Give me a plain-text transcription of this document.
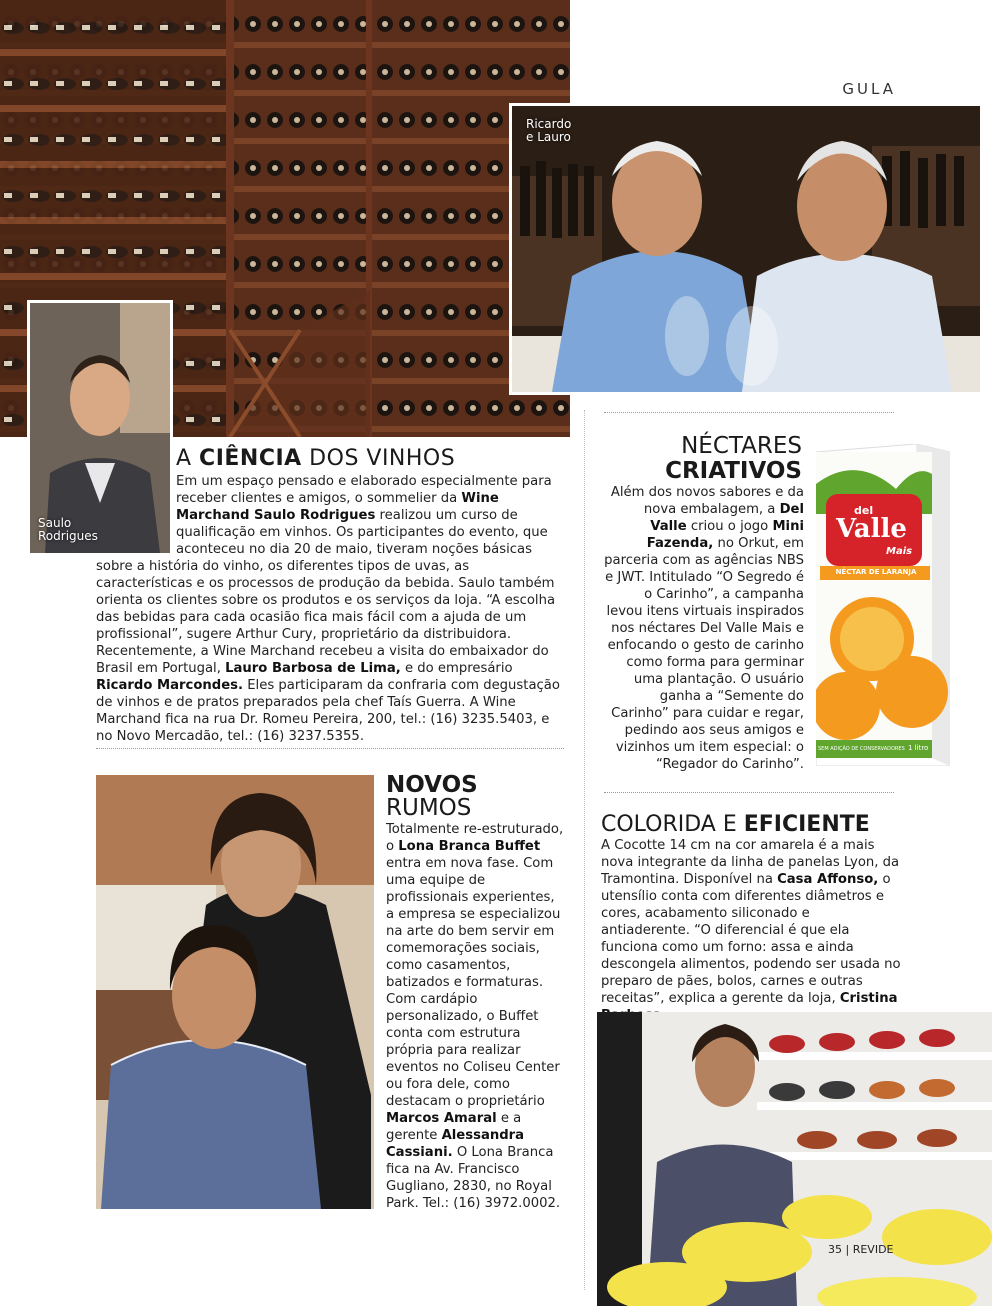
GULA
Saulo
Rodrigues
Ricardo
e Lauro
A CIÊNCIA DOS VINHOS
Em um espaço pensado e elaborado especialmente para receber clientes e amigos, o sommelier da Wine Marchand Saulo Rodrigues realizou um curso de qualificação em vinhos. Os participantes do evento, que aconteceu no dia 20 de maio, tiveram noções básicas sobre a história do vinho, os diferentes tipos de uvas, as características e os processos de produção da bebida. Saulo também orienta os clientes sobre os produtos e os serviços da loja. “A escolha das bebidas para cada ocasião fica mais fácil com a ajuda de um profissional”, sugere Arthur Cury, proprietário da distribuidora. Recentemente, a Wine Marchand recebeu a visita do embaixador do Brasil em Portugal, Lauro Barbosa de Lima, e do empresário Ricardo Marcondes. Eles participaram da confraria com degustação de vinhos e de pratos preparados pela chef Taís Guerra. A Wine Marchand fica na rua Dr. Romeu Pereira, 200, tel.: (16) 3235.5403, e no Novo Mercadão, tel.: (16) 3237.5355.
NÉCTARES
CRIATIVOS
Além dos novos sabores e da nova embalagem, a Del Valle criou o jogo Mini Fazenda, no Orkut, em parceria com as agências NBS e JWT. Intitulado “O Segredo é o Carinho”, a campanha levou itens virtuais inspirados nos néctares Del Valle Mais e enfocando o gesto de carinho como forma para germinar uma plantação. O usuário ganha a “Semente do Carinho” para cuidar e regar, pedindo aos seus amigos e vizinhos um item especial: o “Regador do Carinho”.
del
Valle
Mais
NÉCTAR DE LARANJA
SEM ADIÇÃO DE CONSERVADORES 1 litro
COLORIDA E EFICIENTE
A Cocotte 14 cm na cor amarela é a mais nova integrante da linha de panelas Lyon, da Tramontina. Disponível na Casa Affonso, o utensílio conta com diferentes diâmetros e cores, acabamento siliconado e antiaderente. “O diferencial é que ela funciona como um forno: assa e ainda descongela alimentos, podendo ser usada no preparo de pães, bolos, carnes e outras receitas”, explica a gerente da loja, Cristina
35 | REVIDE
NOVOS
RUMOS
Totalmente re-estruturado, o Lona Branca Buffet entra em nova fase. Com uma equipe de profissionais experientes, a empresa se especializou na arte do bem servir em comemorações sociais, como casamentos, batizados e formaturas. Com cardápio personalizado, o Buffet conta com estrutura própria para realizar eventos no Coliseu Center ou fora dele, como destacam o proprietário Marcos Amaral e a gerente Alessandra Cassiani. O Lona Branca fica na Av. Francisco Gugliano, 2830, no Royal Park. Tel.: (16) 3972.0002.
